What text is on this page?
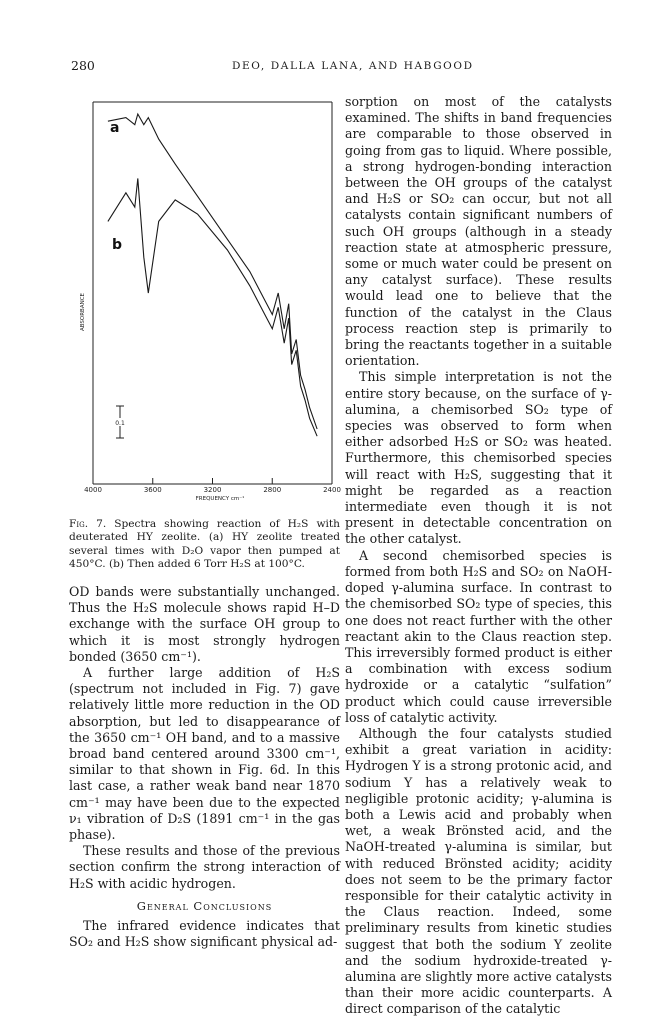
280	DEO, DALLA LANA, AND HABGOOD
4000	3600	3200	2800	2400
a
b
ABSORBANCE
FREQUENCY cm⁻¹
0.1
Fig. 7. Spectra showing reaction of H₂S with deuterated HY zeolite. (a) HY zeolite treated several times with D₂O vapor then pumped at 450°C. (b) Then added 6 Torr H₂S at 100°C.

OD bands were substantially unchanged. Thus the H₂S molecule shows rapid H–D exchange with the surface OH group to which it is most strongly hydrogen bonded (3650 cm⁻¹).

A further large addition of H₂S (spectrum not included in Fig. 7) gave relatively little more reduction in the OD absorption, but led to disappearance of the 3650 cm⁻¹ OH band, and to a massive broad band centered around 3300 cm⁻¹, similar to that shown in Fig. 6d. In this last case, a rather weak band near 1870 cm⁻¹ may have been due to the expected ν₁ vibration of D₂S (1891 cm⁻¹ in the gas phase).

These results and those of the previous section confirm the strong interaction of H₂S with acidic hydrogen.

General Conclusions

The infrared evidence indicates that SO₂ and H₂S show significant physical ad-

sorption on most of the catalysts examined. The shifts in band frequencies are comparable to those observed in going from gas to liquid. Where possible, a strong hydrogen-bonding interaction between the OH groups of the catalyst and H₂S or SO₂ can occur, but not all catalysts contain significant numbers of such OH groups (although in a steady reaction state at atmospheric pressure, some or much water could be present on any catalyst surface). These results would lead one to believe that the function of the catalyst in the Claus process reaction step is primarily to bring the reactants together in a suitable orientation.

This simple interpretation is not the entire story because, on the surface of γ-alumina, a chemisorbed SO₂ type of species was observed to form when either adsorbed H₂S or SO₂ was heated. Furthermore, this chemisorbed species will react with H₂S, suggesting that it might be regarded as a reaction intermediate even though it is not present in detectable concentration on the other catalyst.

A second chemisorbed species is formed from both H₂S and SO₂ on NaOH-doped γ-alumina surface. In contrast to the chemisorbed SO₂ type of species, this one does not react further with the other reactant akin to the Claus reaction step. This irreversibly formed product is either a combination with excess sodium hydroxide or a catalytic “sulfation” product which could cause irreversible loss of catalytic activity.

Although the four catalysts studied exhibit a great variation in acidity: Hydrogen Y is a strong protonic acid, and sodium Y has a relatively weak to negligible protonic acidity; γ-alumina is both a Lewis acid and probably when wet, a weak Brönsted acid, and the NaOH-treated γ-alumina is similar, but with reduced Brönsted acidity; acidity does not seem to be the primary factor responsible for their catalytic activity in the Claus reaction. Indeed, some preliminary results from kinetic studies suggest that both the sodium Y zeolite and the sodium hydroxide-treated γ-alumina are slightly more active catalysts than their more acidic counterparts. A direct comparison of the catalytic
